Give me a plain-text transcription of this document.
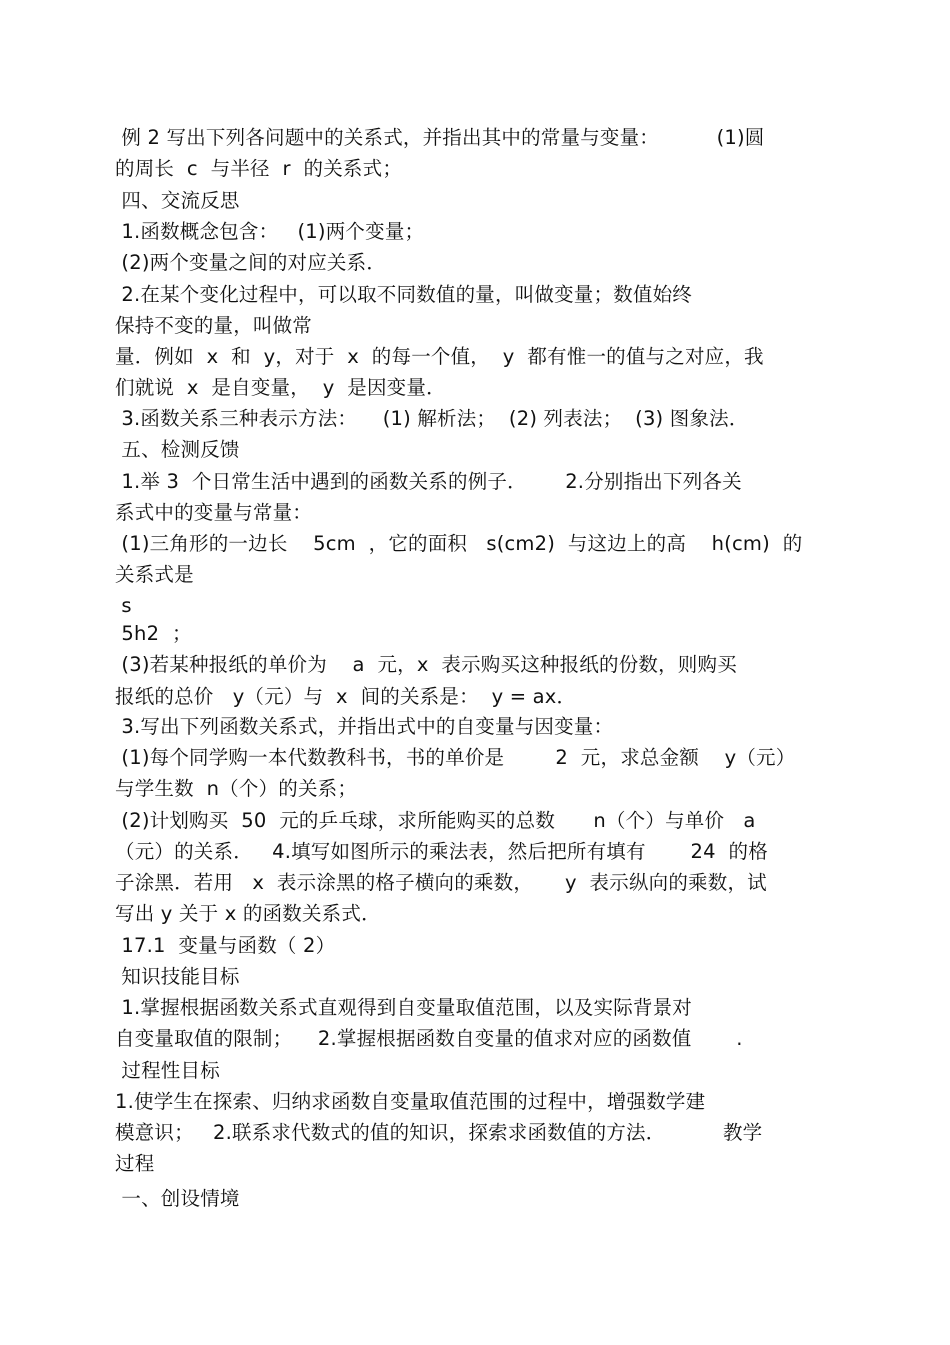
例 2 写出下列各问题中的关系式，并指出其中的常量与变量：         (1)圆
的周长  c  与半径  r  的关系式；
四、交流反思
1.函数概念包含：   (1)两个变量；
(2)两个变量之间的对应关系．
2.在某个变化过程中，可以取不同数值的量，叫做变量；数值始终
保持不变的量，叫做常
量．例如  x  和  y，对于  x  的每一个值，  y  都有惟一的值与之对应，我
们就说  x  是自变量，  y  是因变量．
3.函数关系三种表示方法：    (1) 解析法；  (2) 列表法；  (3) 图象法．
五、检测反馈
1.举 3  个日常生活中遇到的函数关系的例子．      2.分别指出下列各关
系式中的变量与常量：
(1)三角形的一边长    5cm  ，它的面积   s(cm2)  与这边上的高    h(cm)  的
关系式是
s
5h2  ；
(3)若某种报纸的单价为    a  元，x  表示购买这种报纸的份数，则购买
报纸的总价   y（元）与  x  间的关系是：  y = ax．
3.写出下列函数关系式，并指出式中的自变量与因变量：
(1)每个同学购一本代数教科书，书的单价是        2  元，求总金额    y（元）
与学生数  n（个）的关系；
(2)计划购买  50  元的乒乓球，求所能购买的总数      n（个）与单价   a
（元）的关系．   4.填写如图所示的乘法表，然后把所有填有       24  的格
子涂黑．若用   x  表示涂黑的格子横向的乘数，     y  表示纵向的乘数，试
写出 y 关于 x 的函数关系式．
17.1  变量与函数（ 2）
知识技能目标
1.掌握根据函数关系式直观得到自变量取值范围，以及实际背景对
自变量取值的限制；    2.掌握根据函数自变量的值求对应的函数值       .
过程性目标
1.使学生在探索、归纳求函数自变量取值范围的过程中，增强数学建
模意识；   2.联系求代数式的值的知识，探索求函数值的方法．         教学
过程
一、创设情境
